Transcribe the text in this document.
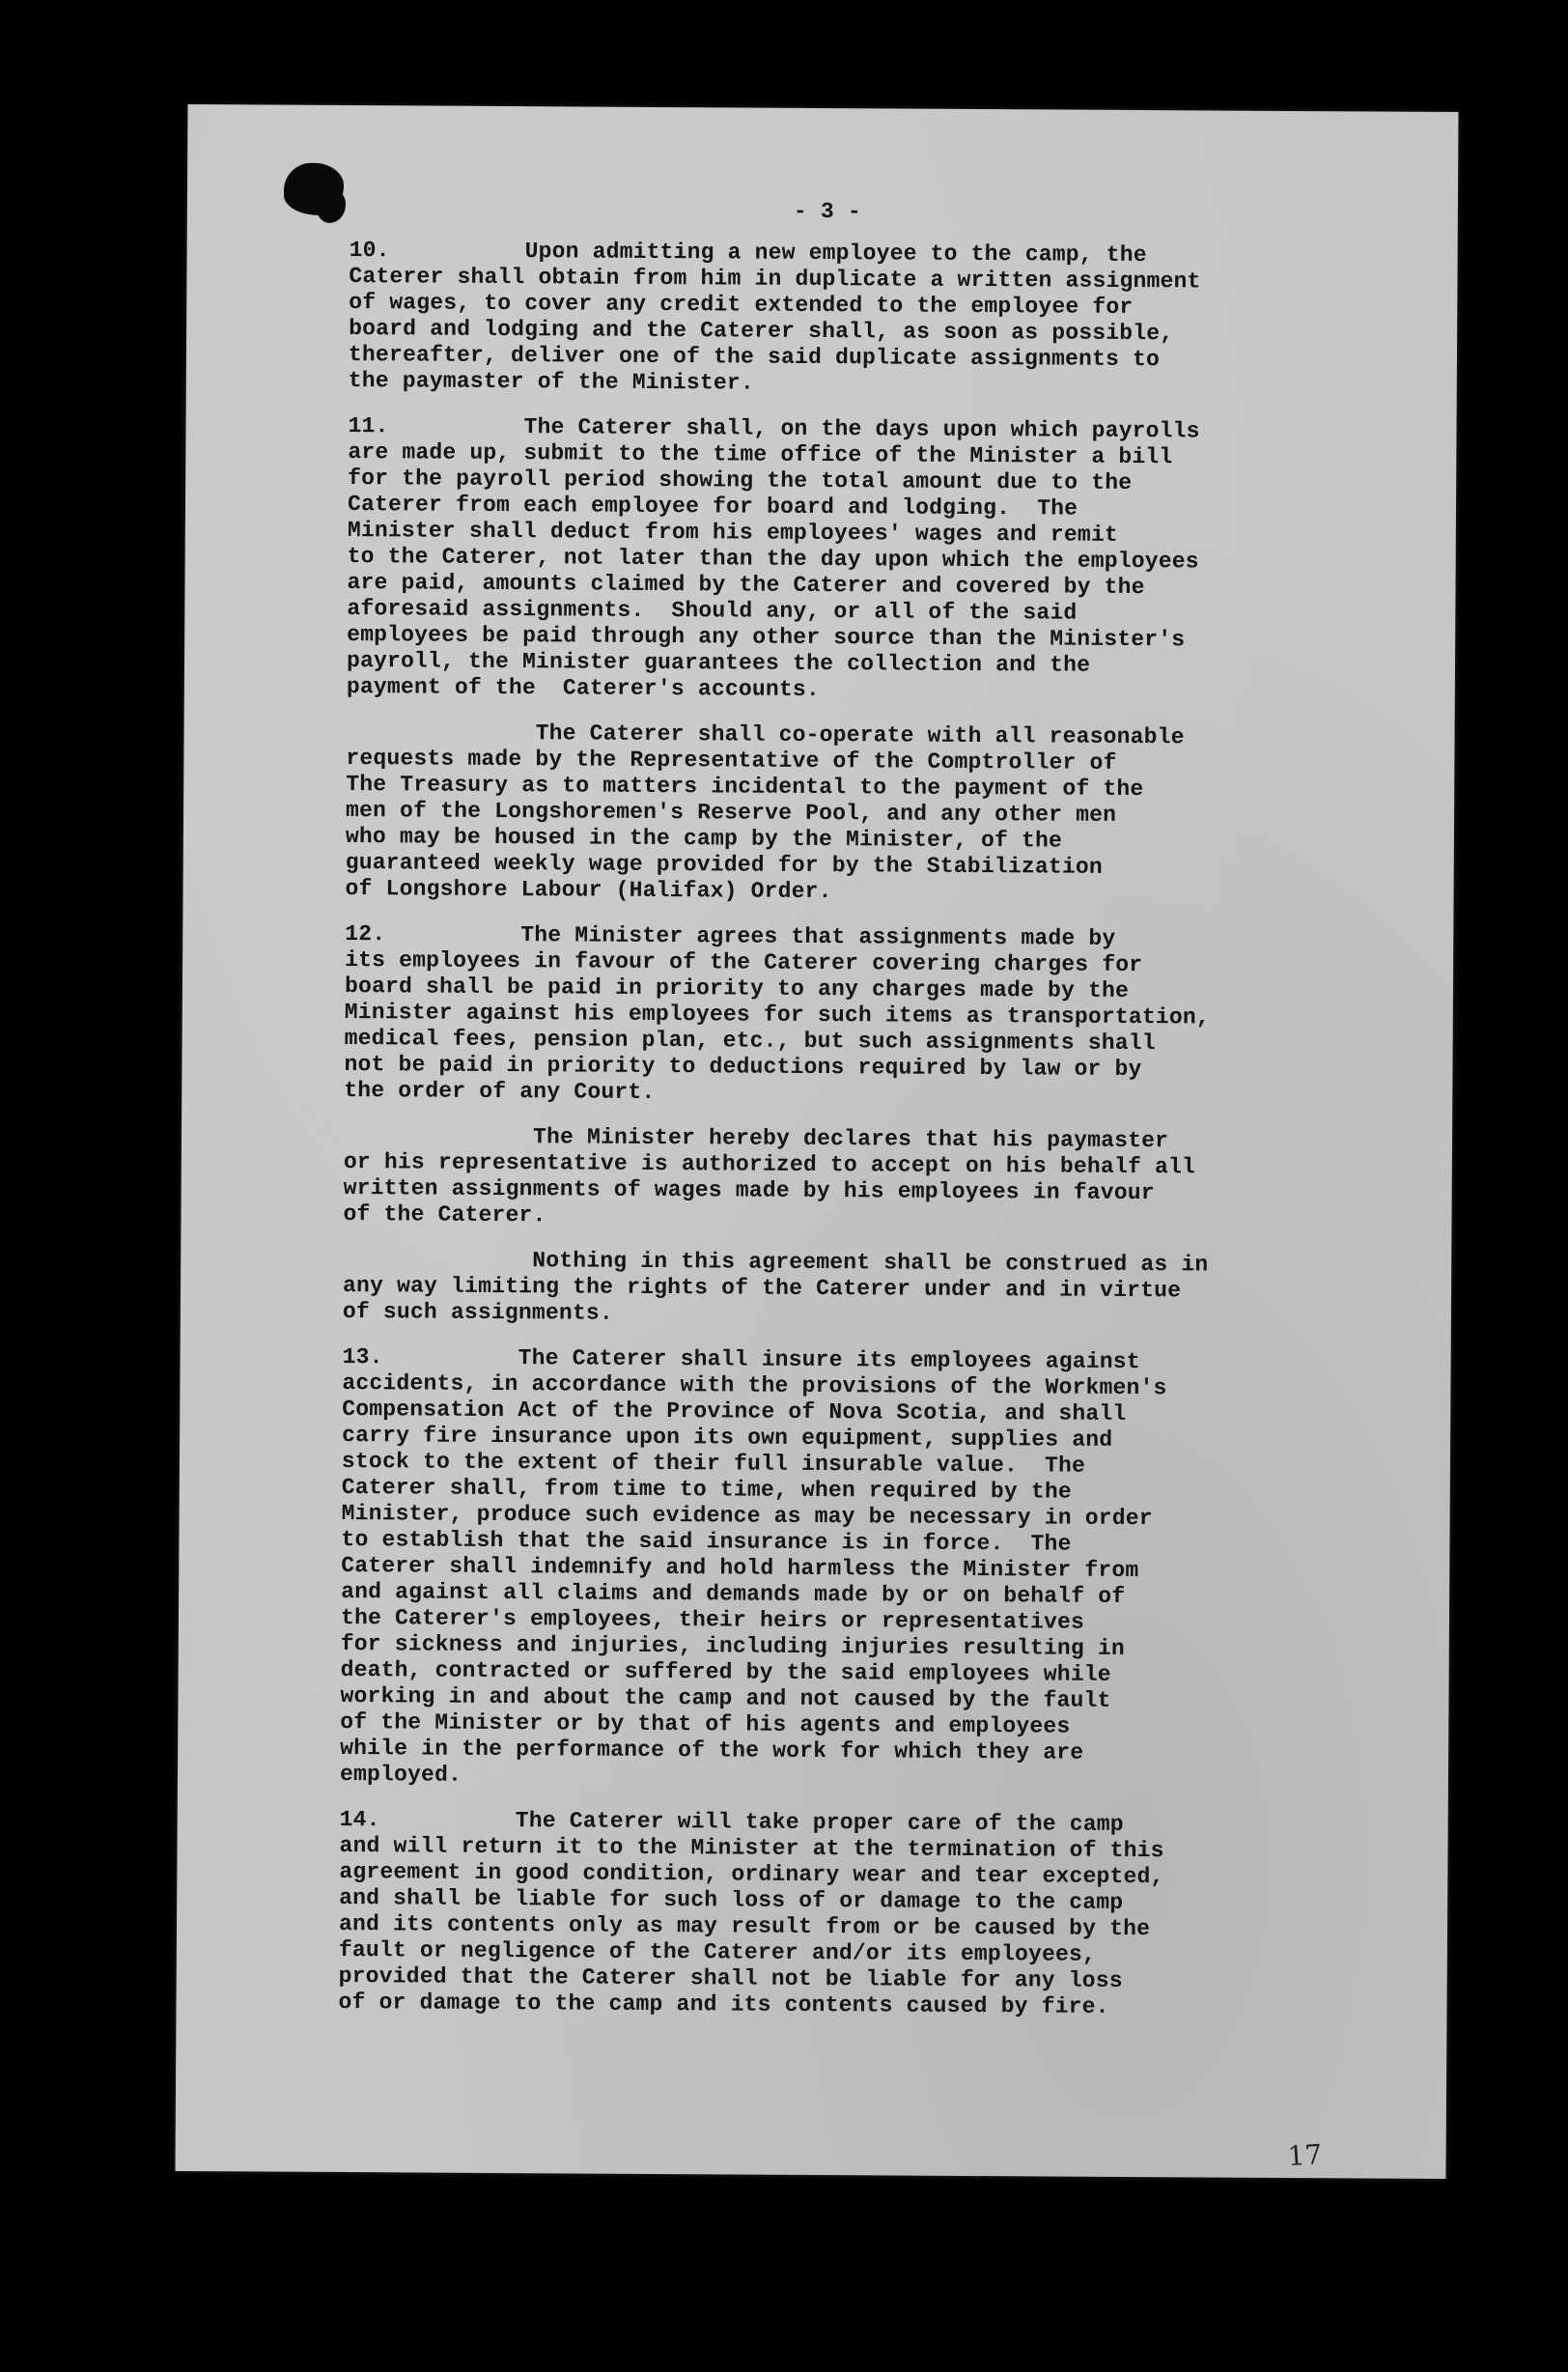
- 3 -
10.          Upon admitting a new employee to the camp, the
Caterer shall obtain from him in duplicate a written assignment
of wages, to cover any credit extended to the employee for
board and lodging and the Caterer shall, as soon as possible,
thereafter, deliver one of the said duplicate assignments to
the paymaster of the Minister.
11.          The Caterer shall, on the days upon which payrolls
are made up, submit to the time office of the Minister a bill
for the payroll period showing the total amount due to the
Caterer from each employee for board and lodging.  The
Minister shall deduct from his employees' wages and remit
to the Caterer, not later than the day upon which the employees
are paid, amounts claimed by the Caterer and covered by the
aforesaid assignments.  Should any, or all of the said
employees be paid through any other source than the Minister's
payroll, the Minister guarantees the collection and the
payment of the  Caterer's accounts.
The Caterer shall co-operate with all reasonable
requests made by the Representative of the Comptroller of
The Treasury as to matters incidental to the payment of the
men of the Longshoremen's Reserve Pool, and any other men
who may be housed in the camp by the Minister, of the
guaranteed weekly wage provided for by the Stabilization
of Longshore Labour (Halifax) Order.
12.          The Minister agrees that assignments made by
its employees in favour of the Caterer covering charges for
board shall be paid in priority to any charges made by the
Minister against his employees for such items as transportation,
medical fees, pension plan, etc., but such assignments shall
not be paid in priority to deductions required by law or by
the order of any Court.
The Minister hereby declares that his paymaster
or his representative is authorized to accept on his behalf all
written assignments of wages made by his employees in favour
of the Caterer.
Nothing in this agreement shall be construed as in
any way limiting the rights of the Caterer under and in virtue
of such assignments.
13.          The Caterer shall insure its employees against
accidents, in accordance with the provisions of the Workmen's
Compensation Act of the Province of Nova Scotia, and shall
carry fire insurance upon its own equipment, supplies and
stock to the extent of their full insurable value.  The
Caterer shall, from time to time, when required by the
Minister, produce such evidence as may be necessary in order
to establish that the said insurance is in force.  The
Caterer shall indemnify and hold harmless the Minister from
and against all claims and demands made by or on behalf of
the Caterer's employees, their heirs or representatives
for sickness and injuries, including injuries resulting in
death, contracted or suffered by the said employees while
working in and about the camp and not caused by the fault
of the Minister or by that of his agents and employees
while in the performance of the work for which they are
employed.
14.          The Caterer will take proper care of the camp
and will return it to the Minister at the termination of this
agreement in good condition, ordinary wear and tear excepted,
and shall be liable for such loss of or damage to the camp
and its contents only as may result from or be caused by the
fault or negligence of the Caterer and/or its employees,
provided that the Caterer shall not be liable for any loss
of or damage to the camp and its contents caused by fire.
17
